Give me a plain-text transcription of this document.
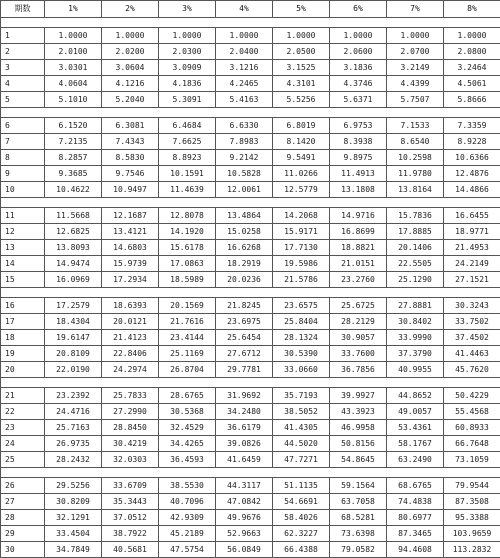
期数	1%	2%	3%	4%	5%	6%	7%	8%

1	1.0000	1.0000	1.0000	1.0000	1.0000	1.0000	1.0000	1.0000
2	2.0100	2.0200	2.0300	2.0400	2.0500	2.0600	2.0700	2.0800
3	3.0301	3.0604	3.0909	3.1216	3.1525	3.1836	3.2149	3.2464
4	4.0604	4.1216	4.1836	4.2465	4.3101	4.3746	4.4399	4.5061
5	5.1010	5.2040	5.3091	5.4163	5.5256	5.6371	5.7507	5.8666

6	6.1520	6.3081	6.4684	6.6330	6.8019	6.9753	7.1533	7.3359
7	7.2135	7.4343	7.6625	7.8983	8.1420	8.3938	8.6540	8.9228
8	8.2857	8.5830	8.8923	9.2142	9.5491	9.8975	10.2598	10.6366
9	9.3685	9.7546	10.1591	10.5828	11.0266	11.4913	11.9780	12.4876
10	10.4622	10.9497	11.4639	12.0061	12.5779	13.1808	13.8164	14.4866

11	11.5668	12.1687	12.8078	13.4864	14.2068	14.9716	15.7836	16.6455
12	12.6825	13.4121	14.1920	15.0258	15.9171	16.8699	17.8885	18.9771
13	13.8093	14.6803	15.6178	16.6268	17.7130	18.8821	20.1406	21.4953
14	14.9474	15.9739	17.0863	18.2919	19.5986	21.0151	22.5505	24.2149
15	16.0969	17.2934	18.5989	20.0236	21.5786	23.2760	25.1290	27.1521

16	17.2579	18.6393	20.1569	21.8245	23.6575	25.6725	27.8881	30.3243
17	18.4304	20.0121	21.7616	23.6975	25.8404	28.2129	30.8402	33.7502
18	19.6147	21.4123	23.4144	25.6454	28.1324	30.9057	33.9990	37.4502
19	20.8109	22.8406	25.1169	27.6712	30.5390	33.7600	37.3790	41.4463
20	22.0190	24.2974	26.8704	29.7781	33.0660	36.7856	40.9955	45.7620

21	23.2392	25.7833	28.6765	31.9692	35.7193	39.9927	44.8652	50.4229
22	24.4716	27.2990	30.5368	34.2480	38.5052	43.3923	49.0057	55.4568
23	25.7163	28.8450	32.4529	36.6179	41.4305	46.9958	53.4361	60.8933
24	26.9735	30.4219	34.4265	39.0826	44.5020	50.8156	58.1767	66.7648
25	28.2432	32.0303	36.4593	41.6459	47.7271	54.8645	63.2490	73.1059

26	29.5256	33.6709	38.5530	44.3117	51.1135	59.1564	68.6765	79.9544
27	30.8209	35.3443	40.7096	47.0842	54.6691	63.7058	74.4838	87.3508
28	32.1291	37.0512	42.9309	49.9676	58.4026	68.5281	80.6977	95.3388
29	33.4504	38.7922	45.2189	52.9663	62.3227	73.6398	87.3465	103.9659
30	34.7849	40.5681	47.5754	56.0849	66.4388	79.0582	94.4608	113.2832
